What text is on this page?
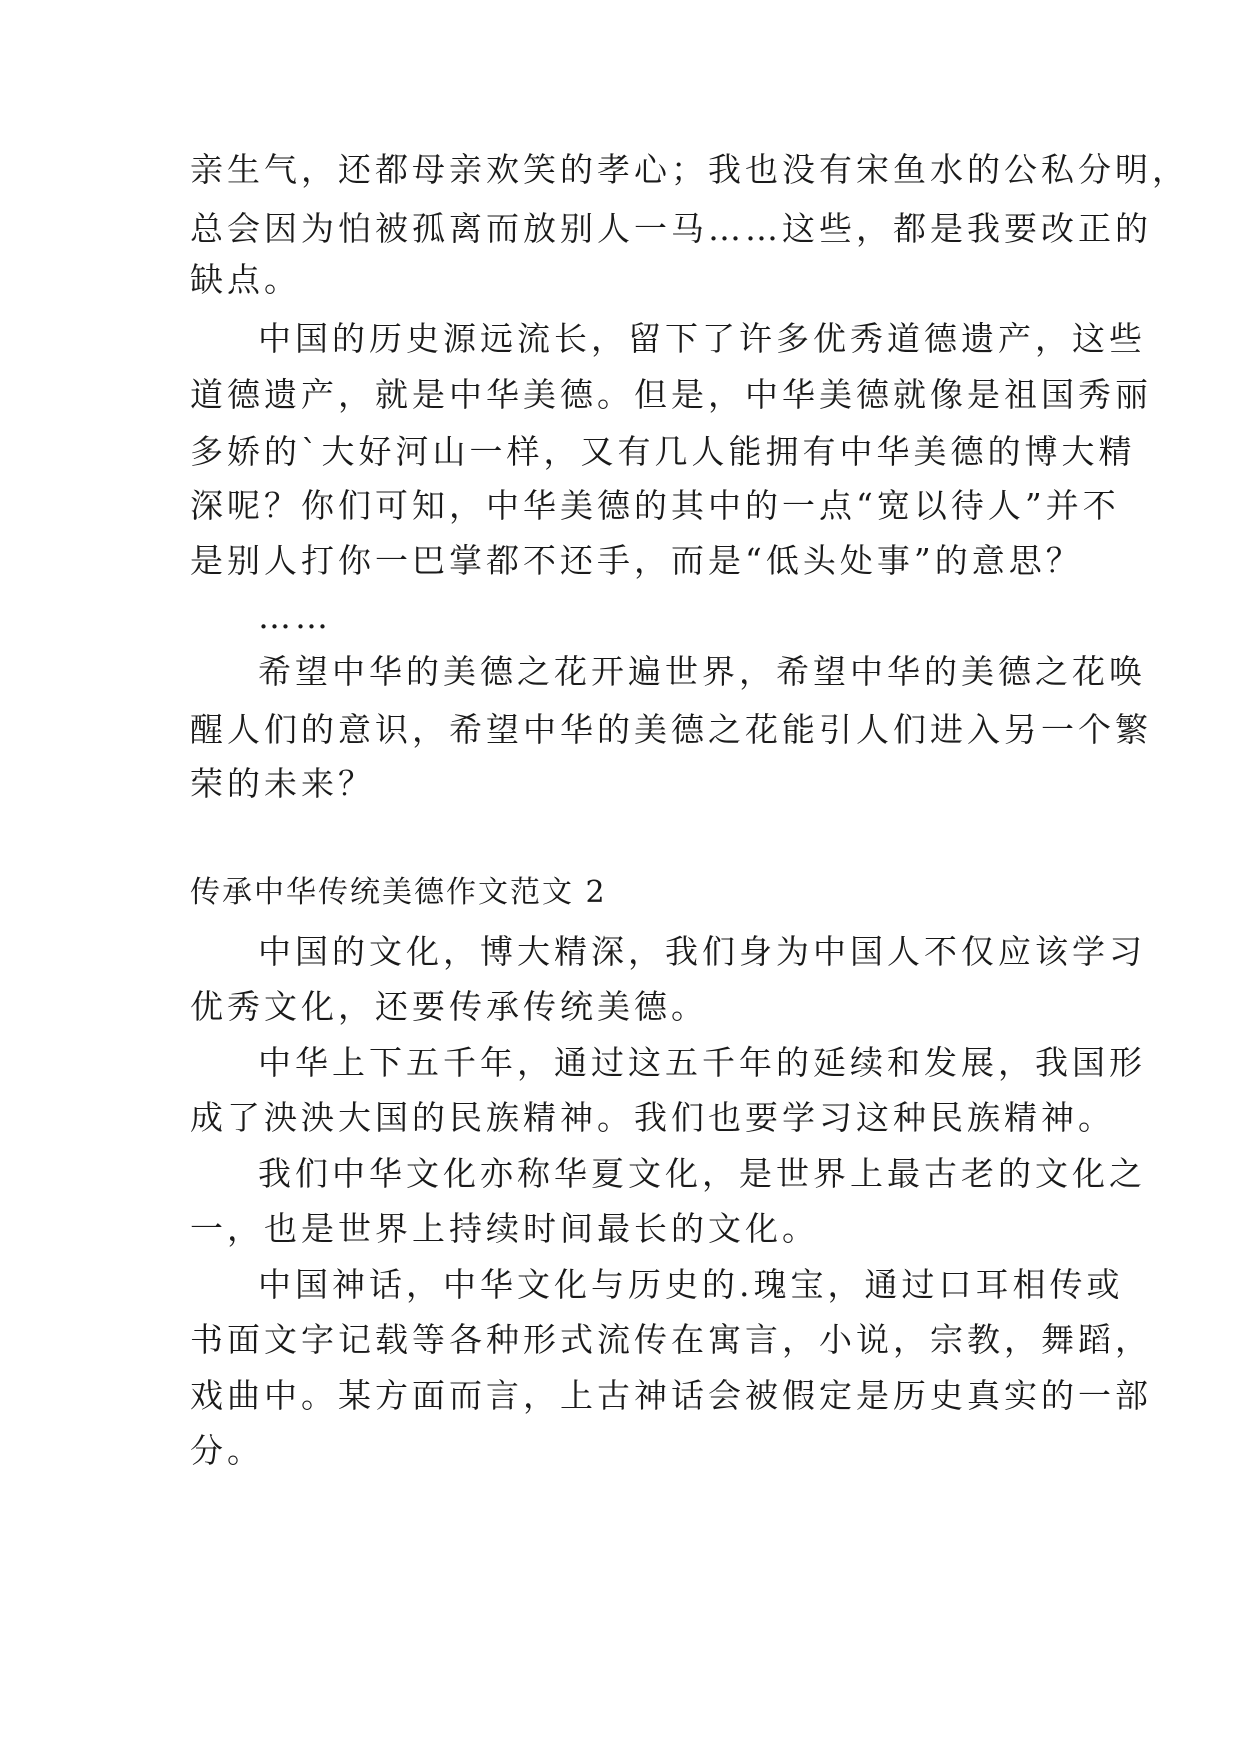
亲生气，还都母亲欢笑的孝心；我也没有宋鱼水的公私分明，
总会因为怕被孤离而放别人一马……这些，都是我要改正的
缺点。
中国的历史源远流长，留下了许多优秀道德遗产，这些
道德遗产，就是中华美德。但是，中华美德就像是祖国秀丽
多娇的`大好河山一样，又有几人能拥有中华美德的博大精
深呢？你们可知，中华美德的其中的一点“宽以待人”并不
是别人打你一巴掌都不还手，而是“低头处事”的意思？
……
希望中华的美德之花开遍世界，希望中华的美德之花唤
醒人们的意识，希望中华的美德之花能引人们进入另一个繁
荣的未来？
传承中华传统美德作文范文 2
中国的文化，博大精深，我们身为中国人不仅应该学习
优秀文化，还要传承传统美德。
中华上下五千年，通过这五千年的延续和发展，我国形
成了泱泱大国的民族精神。我们也要学习这种民族精神。
我们中华文化亦称华夏文化，是世界上最古老的文化之
一，也是世界上持续时间最长的文化。
中国神话，中华文化与历史的.瑰宝，通过口耳相传或
书面文字记载等各种形式流传在寓言，小说，宗教，舞蹈，
戏曲中。某方面而言，上古神话会被假定是历史真实的一部
分。
